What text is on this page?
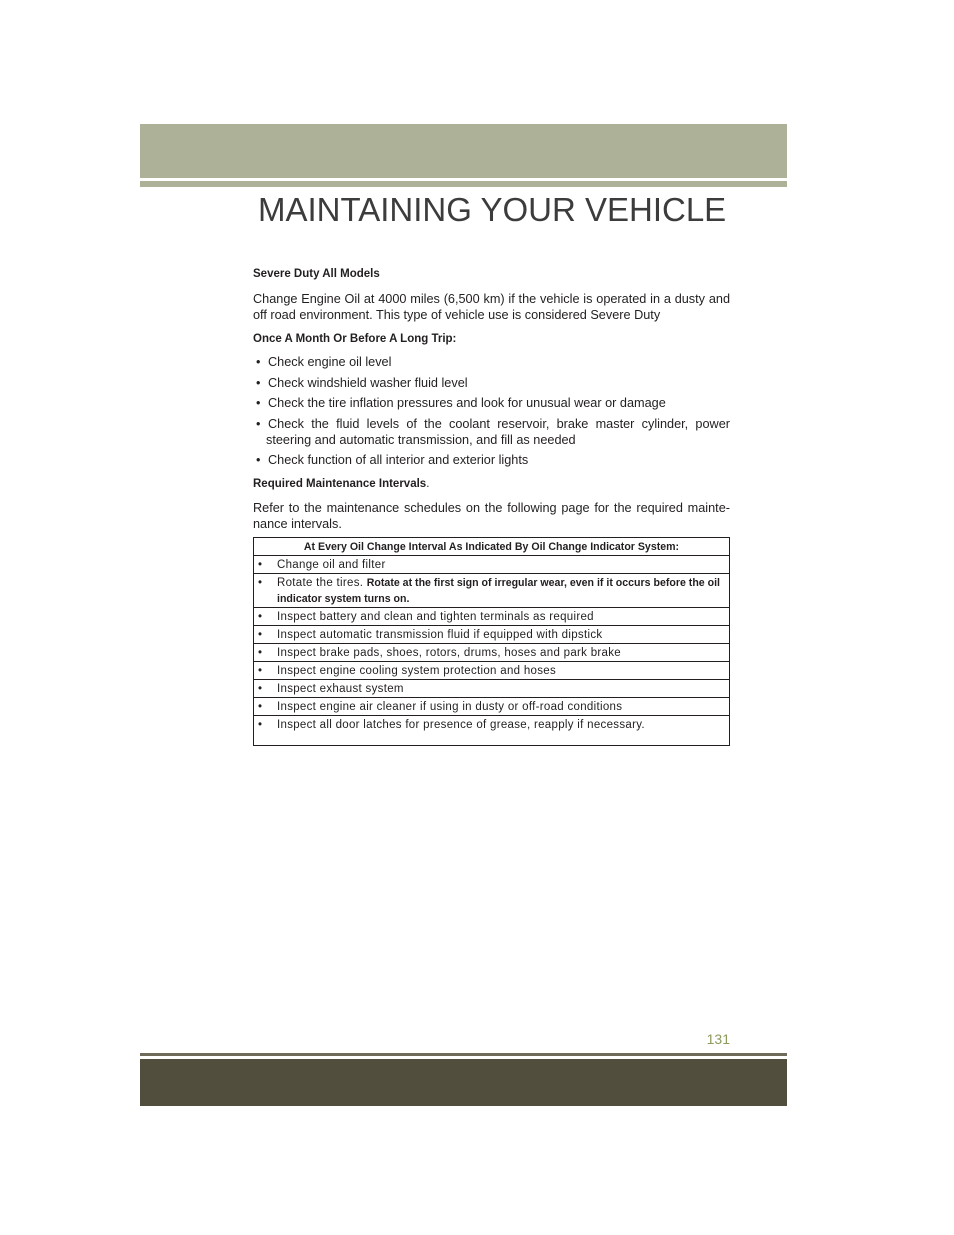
MAINTAINING YOUR VEHICLE
Severe Duty All Models

Change Engine Oil at 4000 miles (6,500 km) if the vehicle is operated in a dusty and off road environment. This type of vehicle use is considered Severe Duty

Once A Month Or Before A Long Trip:
• Check engine oil level
• Check windshield washer fluid level
• Check the tire inflation pressures and look for unusual wear or damage
• Check the fluid levels of the coolant reservoir, brake master cylinder, power steering and automatic transmission, and fill as needed
• Check function of all interior and exterior lights
Required Maintenance Intervals.

Refer to the maintenance schedules on the following page for the required maintenance intervals.

At Every Oil Change Interval As Indicated By Oil Change Indicator System:
•
Change oil and filter
•
Rotate the tires. Rotate at the first sign of irregular wear, even if it occurs before the oil indicator system turns on.
•
Inspect battery and clean and tighten terminals as required
•
Inspect automatic transmission fluid if equipped with dipstick
•
Inspect brake pads, shoes, rotors, drums, hoses and park brake
•
Inspect engine cooling system protection and hoses
•
Inspect exhaust system
•
Inspect engine air cleaner if using in dusty or off-road conditions
•
Inspect all door latches for presence of grease, reapply if necessary.
131
